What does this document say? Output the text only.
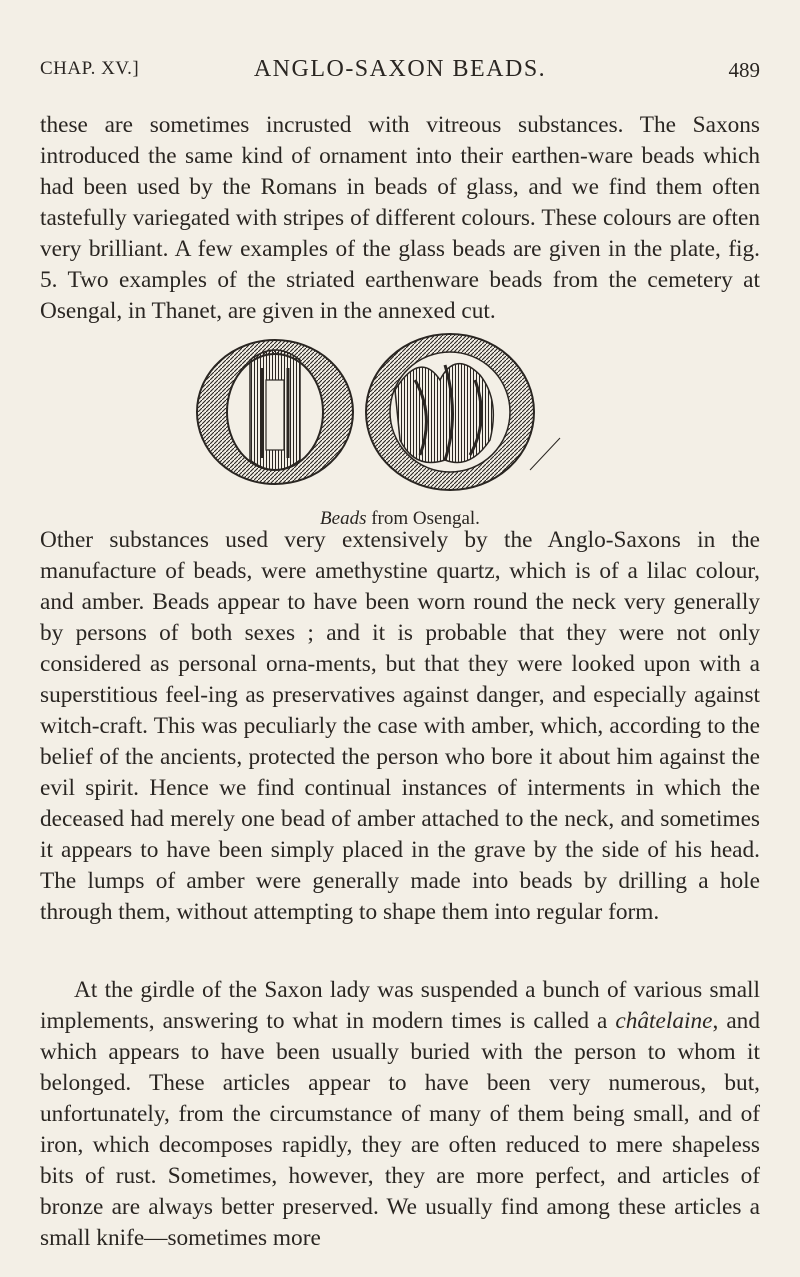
CHAP. XV.]	ANGLO-SAXON BEADS.	489

these are sometimes incrusted with vitreous substances. The Saxons introduced the same kind of ornament into their earthen-ware beads which had been used by the Romans in beads of glass, and we find them often tastefully variegated with stripes of different colours. These colours are often very brilliant. A few examples of the glass beads are given in the plate, fig. 5. Two examples of the striated earthenware beads from the cemetery at Osengal, in Thanet, are given in the annexed cut.

Beads from Osengal.

Other substances used very extensively by the Anglo-Saxons in the manufacture of beads, were amethystine quartz, which is of a lilac colour, and amber. Beads appear to have been worn round the neck very generally by persons of both sexes ; and it is probable that they were not only considered as personal orna-ments, but that they were looked upon with a superstitious feel-ing as preservatives against danger, and especially against witch-craft. This was peculiarly the case with amber, which, according to the belief of the ancients, protected the person who bore it about him against the evil spirit. Hence we find continual instances of interments in which the deceased had merely one bead of amber attached to the neck, and sometimes it appears to have been simply placed in the grave by the side of his head. The lumps of amber were generally made into beads by drilling a hole through them, without attempting to shape them into regular form.

At the girdle of the Saxon lady was suspended a bunch of various small implements, answering to what in modern times is called a châtelaine, and which appears to have been usually buried with the person to whom it belonged. These articles appear to have been very numerous, but, unfortunately, from the circumstance of many of them being small, and of iron, which decomposes rapidly, they are often reduced to mere shapeless bits of rust. Sometimes, however, they are more perfect, and articles of bronze are always better preserved. We usually find among these articles a small knife—sometimes more
